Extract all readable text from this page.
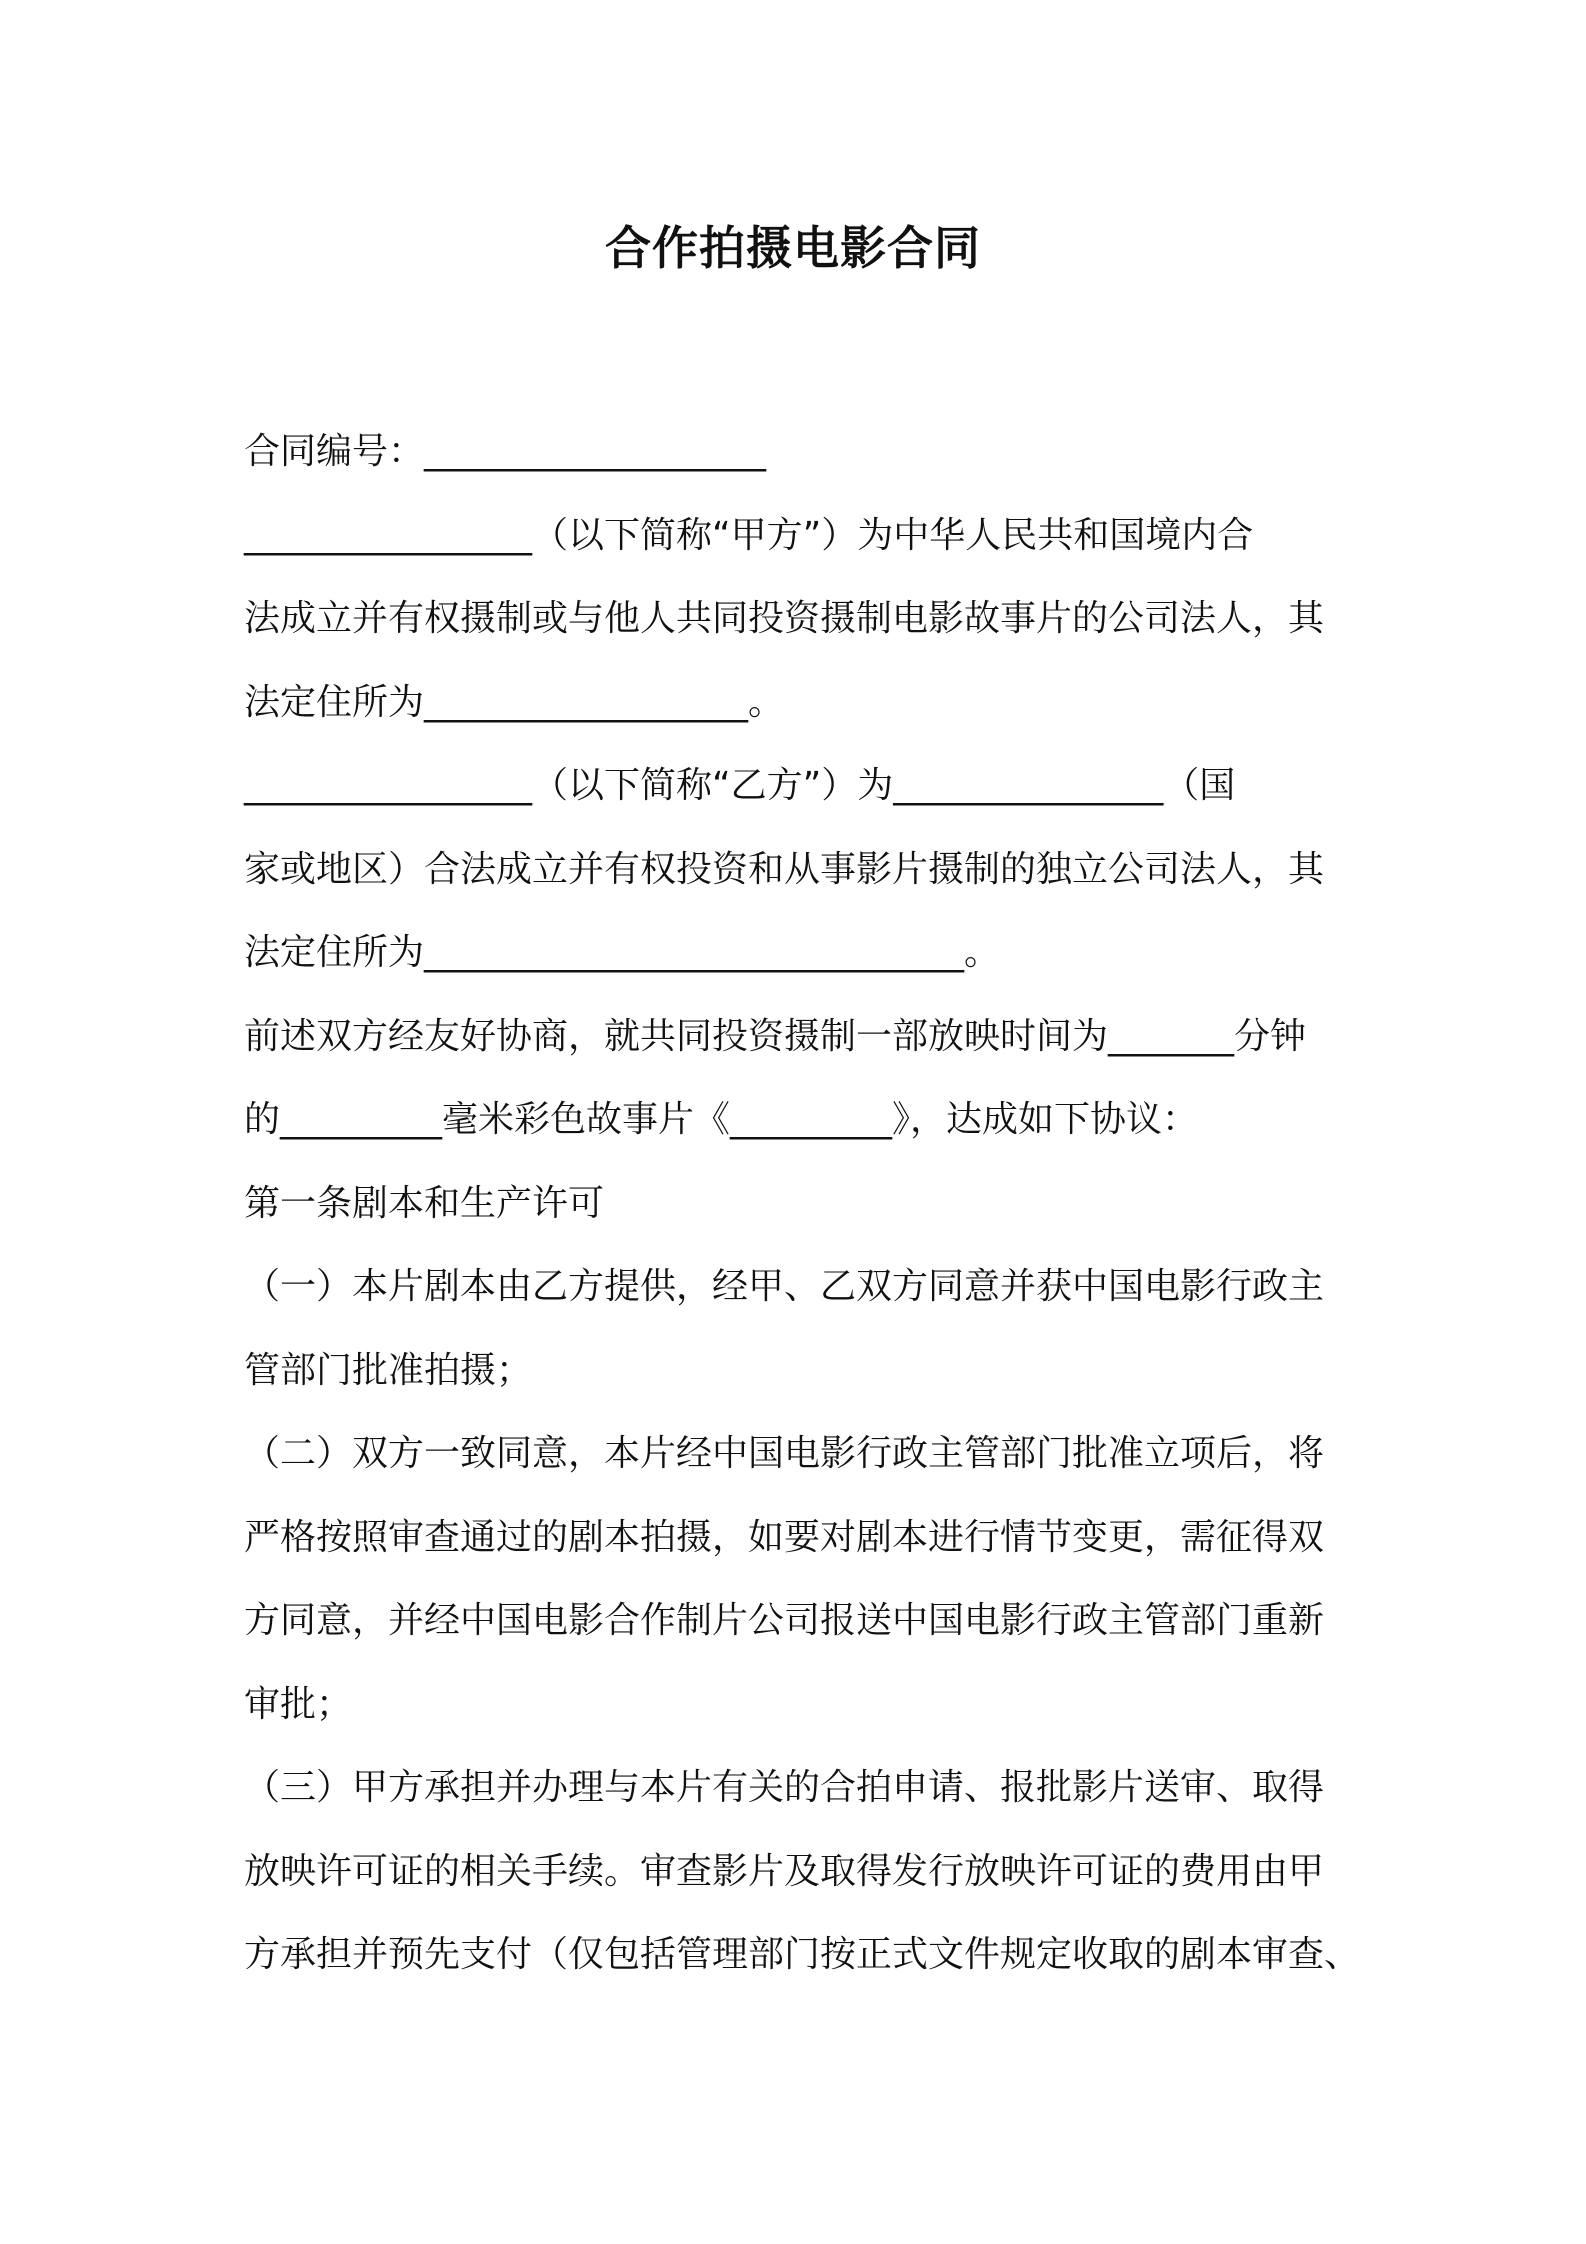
合作拍摄电影合同

合同编号：___________________

________________（以下简称“甲方”）为中华人民共和国境内合

法成立并有权摄制或与他人共同投资摄制电影故事片的公司法人，其

法定住所为__________________。

________________（以下简称“乙方”）为_______________（国

家或地区）合法成立并有权投资和从事影片摄制的独立公司法人，其

法定住所为______________________________。

前述双方经友好协商，就共同投资摄制一部放映时间为_______分钟

的_________毫米彩色故事片《_________》，达成如下协议：

第一条剧本和生产许可

（一）本片剧本由乙方提供，经甲、乙双方同意并获中国电影行政主

管部门批准拍摄；

（二）双方一致同意，本片经中国电影行政主管部门批准立项后，将

严格按照审查通过的剧本拍摄，如要对剧本进行情节变更，需征得双

方同意，并经中国电影合作制片公司报送中国电影行政主管部门重新

审批；

（三）甲方承担并办理与本片有关的合拍申请、报批影片送审、取得

放映许可证的相关手续。审查影片及取得发行放映许可证的费用由甲

方承担并预先支付（仅包括管理部门按正式文件规定收取的剧本审查、
